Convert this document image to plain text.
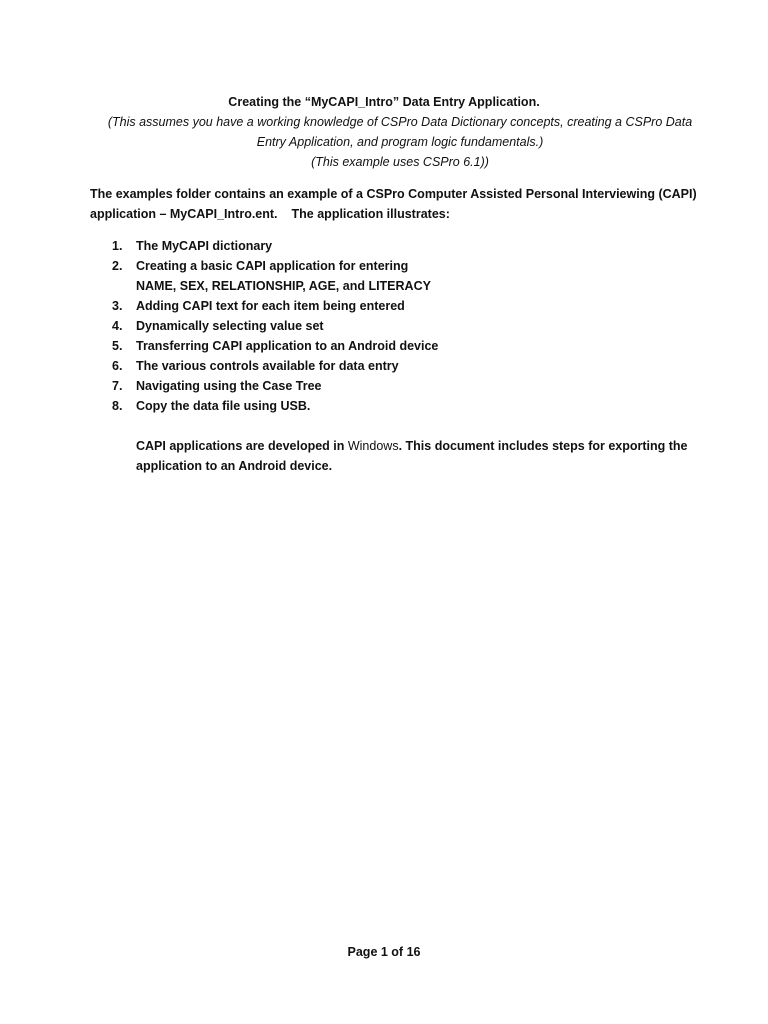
Creating the “MyCAPI_Intro” Data Entry Application.
(This assumes you have a working knowledge of CSPro Data Dictionary concepts, creating a CSPro Data
Entry Application, and program logic fundamentals.)
(This example uses CSPro 6.1))
The examples folder contains an example of a CSPro Computer Assisted Personal Interviewing (CAPI)
application – MyCAPI_Intro.ent. The application illustrates:
1. The MyCAPI dictionary
2. Creating a basic CAPI application for entering
NAME, SEX, RELATIONSHIP, AGE, and LITERACY
3. Adding CAPI text for each item being entered
4. Dynamically selecting value set
5. Transferring CAPI application to an Android device
6. The various controls available for data entry
7. Navigating using the Case Tree
8. Copy the data file using USB.
CAPI applications are developed in Windows. This document includes steps for exporting the
application to an Android device.
Page 1 of 16
